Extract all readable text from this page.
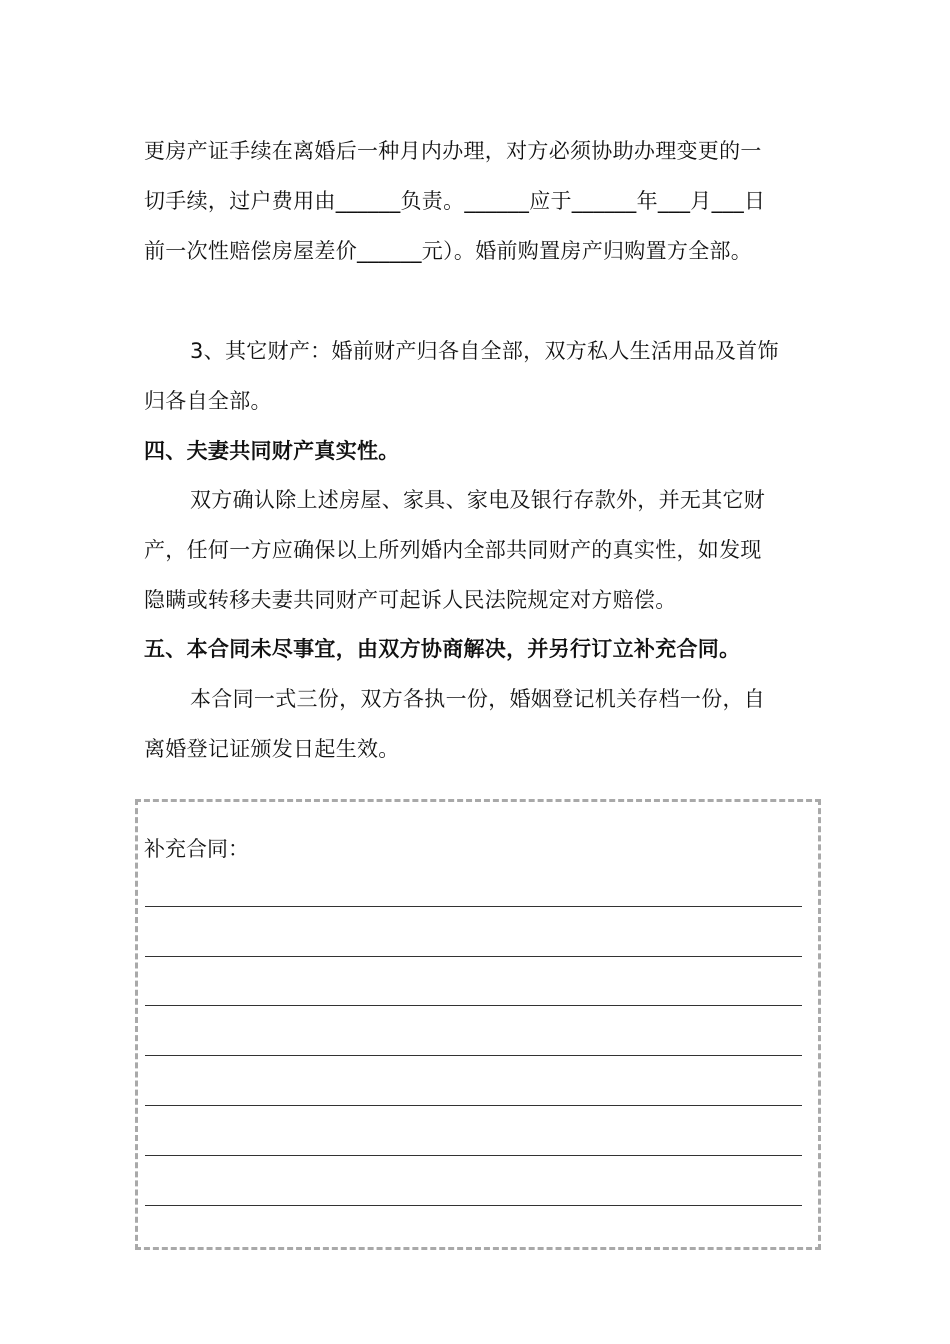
更房产证手续在离婚后一种月内办理，对方必须协助办理变更的一
切手续，过户费用由______负责。______应于______年___月___日
前一次性赔偿房屋差价______元）。婚前购置房产归购置方全部。
3、其它财产：婚前财产归各自全部，双方私人生活用品及首饰
归各自全部。
四、夫妻共同财产真实性。
双方确认除上述房屋、家具、家电及银行存款外，并无其它财
产，任何一方应确保以上所列婚内全部共同财产的真实性，如发现
隐瞒或转移夫妻共同财产可起诉人民法院规定对方赔偿。
五、本合同未尽事宜，由双方协商解决，并另行订立补充合同。
本合同一式三份，双方各执一份，婚姻登记机关存档一份，自
离婚登记证颁发日起生效。
补充合同：
